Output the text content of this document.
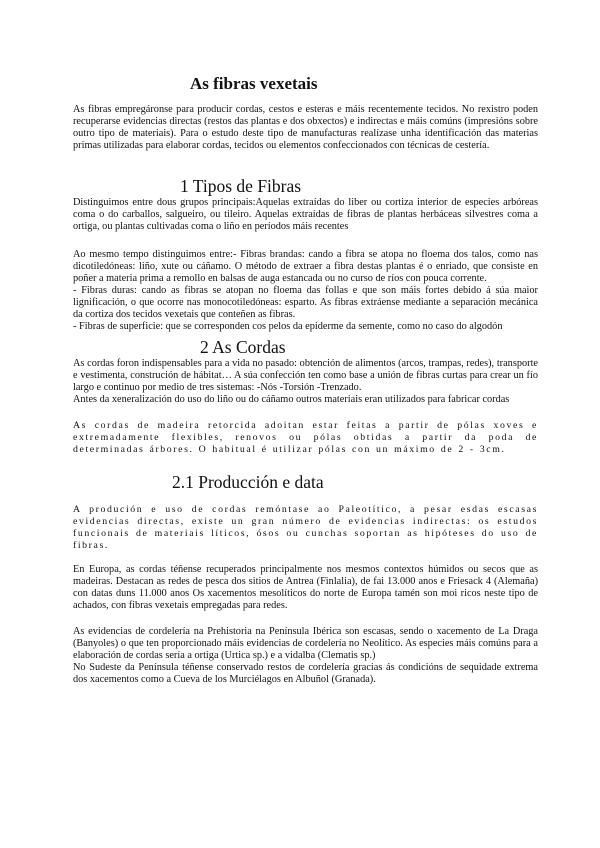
As fibras vexetais

As fibras empregáronse para producir cordas, cestos e esteras e máis recentemente tecidos. No rexistro poden recuperarse evidencias directas (restos das plantas e dos obxectos) e indirectas e máis comúns (impresións sobre outro tipo de materiais). Para o estudo deste tipo de manufacturas realízase unha identificación das materias primas utilizadas para elaborar cordas, tecidos ou elementos confeccionados con técnicas de cestería.

1 Tipos de Fibras

Distinguimos entre dous grupos principais:Aquelas extraídas do liber ou cortiza interior de especies arbóreas coma o do carballos, salgueiro, ou tileiro. Aquelas extraídas de fibras de plantas herbáceas silvestres coma a ortiga, ou plantas cultivadas coma o liño en períodos máis recentes

Ao mesmo tempo distinguimos entre:- Fibras brandas: cando a fibra se atopa no floema dos talos, como nas dicotiledóneas: liño, xute ou cáñamo. O método de extraer a fibra destas plantas é o enriado, que consiste en poñer a materia prima a remollo en balsas de auga estancada ou no curso de ríos con pouca corrente.

- Fibras duras: cando as fibras se atopan no floema das follas e que son máis fortes debido á súa maior lignificación, o que ocorre nas monocotiledóneas: esparto. As fibras extráense mediante a separación mecánica da cortiza dos tecidos vexetais que conteñen as fibras.

- Fibras de superficie: que se corresponden cos pelos da epiderme da semente, como no caso do algodón

2 As Cordas

As cordas foron indispensables para a vida no pasado: obtención de alimentos (arcos, trampas, redes), transporte e vestimenta, construción de hábitat… A súa confección ten como base a unión de fibras curtas para crear un fío largo e continuo por medio de tres sistemas: -Nós -Torsión -Trenzado.

Antes da xeneralización do uso do liño ou do cáñamo outros materiais eran utilizados para fabricar cordas

As cordas de madeira retorcida adoitan estar feitas a partir de pólas xoves e extremadamente flexibles, renovos ou pólas obtidas a partir da poda de determinadas árbores. O habitual é utilizar pólas con un máximo de 2 - 3cm.

2.1 Producción e data

A produción e uso de cordas remóntase ao Paleotítico, a pesar esdas escasas evidencias directas, existe un gran número de evidencias indirectas: os estudos funcionais de materiais líticos, ósos ou cunchas soportan as hipóteses do uso de fibras.

En Europa, as cordas téñense recuperados principalmente nos mesmos contextos húmidos ou secos que as madeiras. Destacan as redes de pesca dos sitios de Antrea (Finlalia), de fai 13.000 anos e Friesack 4 (Alemaña) con datas duns 11.000 anos Os xacementos mesolíticos do norte de Europa tamén son moi ricos neste tipo de achados, con fibras vexetais empregadas para redes.

As evidencias de cordelería na Prehistoria na Península Ibérica son escasas, sendo o xacemento de La Draga (Banyoles) o que ten proporcionado máis evidencias de cordelería no Neolítico. As especies máis comúns para a elaboración de cordas sería a ortiga (Urtica sp.) e a vidalba (Clematis sp.)

No Sudeste da Península téñense conservado restos de cordelería gracias ás condicións de sequidade extrema dos xacementos como a Cueva de los Murciélagos en Albuñol (Granada).
